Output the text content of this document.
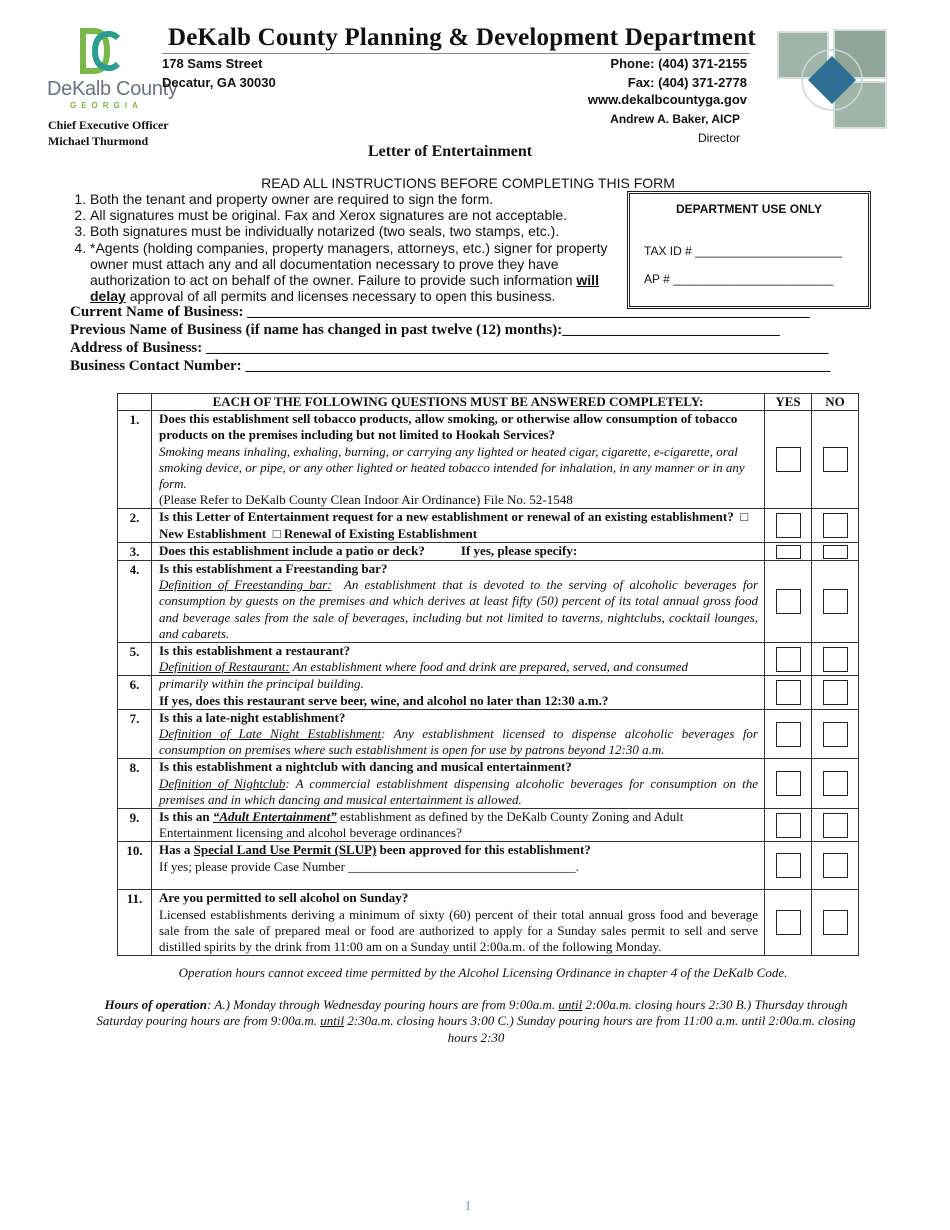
DeKalb County
GEORGIA
Chief Executive Officer
Michael Thurmond
DeKalb County Planning & Development Department
178 Sams Street
Decatur, GA 30030
Phone: (404) 371-2155
Fax: (404) 371-2778
www.dekalbcountyga.gov
Andrew A. Baker, AICP
Director
Letter of Entertainment
READ ALL INSTRUCTIONS BEFORE COMPLETING THIS FORM
1. Both the tenant and property owner are required to sign the form.
2. All signatures must be original. Fax and Xerox signatures are not acceptable.
3. Both signatures must be individually notarized (two seals, two stamps, etc.).
4. *Agents (holding companies, property managers, attorneys, etc.) signer for property owner must attach any and all documentation necessary to prove they have authorization to act on behalf of the owner. Failure to provide such information will delay approval of all permits and licenses necessary to open this business.
DEPARTMENT USE ONLY
TAX ID # ______________________
AP # ________________________
Current Name of Business: ___________________________________________________________________________
Previous Name of Business (if name has changed in past twelve (12) months):_____________________________
Address of Business: ___________________________________________________________________________________
Business Contact Number: ______________________________________________________________________________
	EACH OF THE FOLLOWING QUESTIONS MUST BE ANSWERED COMPLETELY:	YES	NO
1.	Does this establishment sell tobacco products, allow smoking, or otherwise allow consumption of tobacco products on the premises including but not limited to Hookah Services?
Smoking means inhaling, exhaling, burning, or carrying any lighted or heated cigar, cigarette, e-cigarette, oral smoking device, or pipe, or any other lighted or heated tobacco intended for inhalation, in any manner or in any form.
(Please Refer to DeKalb County Clean Indoor Air Ordinance) File No. 52-1548		

2.	Is this Letter of Entertainment request for a new establishment or renewal of an existing establishment? □ New Establishment □ Renewal of Existing Establishment		
3.	Does this establishment include a patio or deck? If yes, please specify:		
4.	Is this establishment a Freestanding bar?
Definition of Freestanding bar: An establishment that is devoted to the serving of alcoholic beverages for consumption by guests on the premises and which derives at least fifty (50) percent of its total annual gross food and beverage sales from the sale of beverages, including but not limited to taverns, nightclubs, cocktail lounges, and cabarets.		

5.	Is this establishment a restaurant?
Definition of Restaurant: An establishment where food and drink are prepared, served, and consumed		

6.	primarily within the principal building.
If yes, does this restaurant serve beer, wine, and alcohol no later than 12:30 a.m.?		

7.	Is this a late-night establishment?
Definition of Late Night Establishment: Any establishment licensed to dispense alcoholic beverages for consumption on premises where such establishment is open for use by patrons beyond 12:30 a.m.		

8.	Is this establishment a nightclub with dancing and musical entertainment?
Definition of Nightclub: A commercial establishment dispensing alcoholic beverages for consumption on the premises and in which dancing and musical entertainment is allowed.		

9.	Is this an “Adult Entertainment” establishment as defined by the DeKalb County Zoning and Adult Entertainment licensing and alcohol beverage ordinances?		
10.	Has a Special Land Use Permit (SLUP) been approved for this establishment?
If yes; please provide Case Number ___________________________________.		

11.	Are you permitted to sell alcohol on Sunday?
Licensed establishments deriving a minimum of sixty (60) percent of their total annual gross food and beverage sale from the sale of prepared meal or food are authorized to apply for a Sunday sales permit to sell and serve distilled spirits by the drink from 11:00 am on a Sunday until 2:00a.m. of the following Monday.		

Operation hours cannot exceed time permitted by the Alcohol Licensing Ordinance in chapter 4 of the DeKalb Code.
Hours of operation: A.) Monday through Wednesday pouring hours are from 9:00a.m. until 2:00a.m. closing hours 2:30 B.) Thursday through Saturday pouring hours are from 9:00a.m. until 2:30a.m. closing hours 3:00 C.) Sunday pouring hours are from 11:00 a.m. until 2:00a.m. closing hours 2:30
1
